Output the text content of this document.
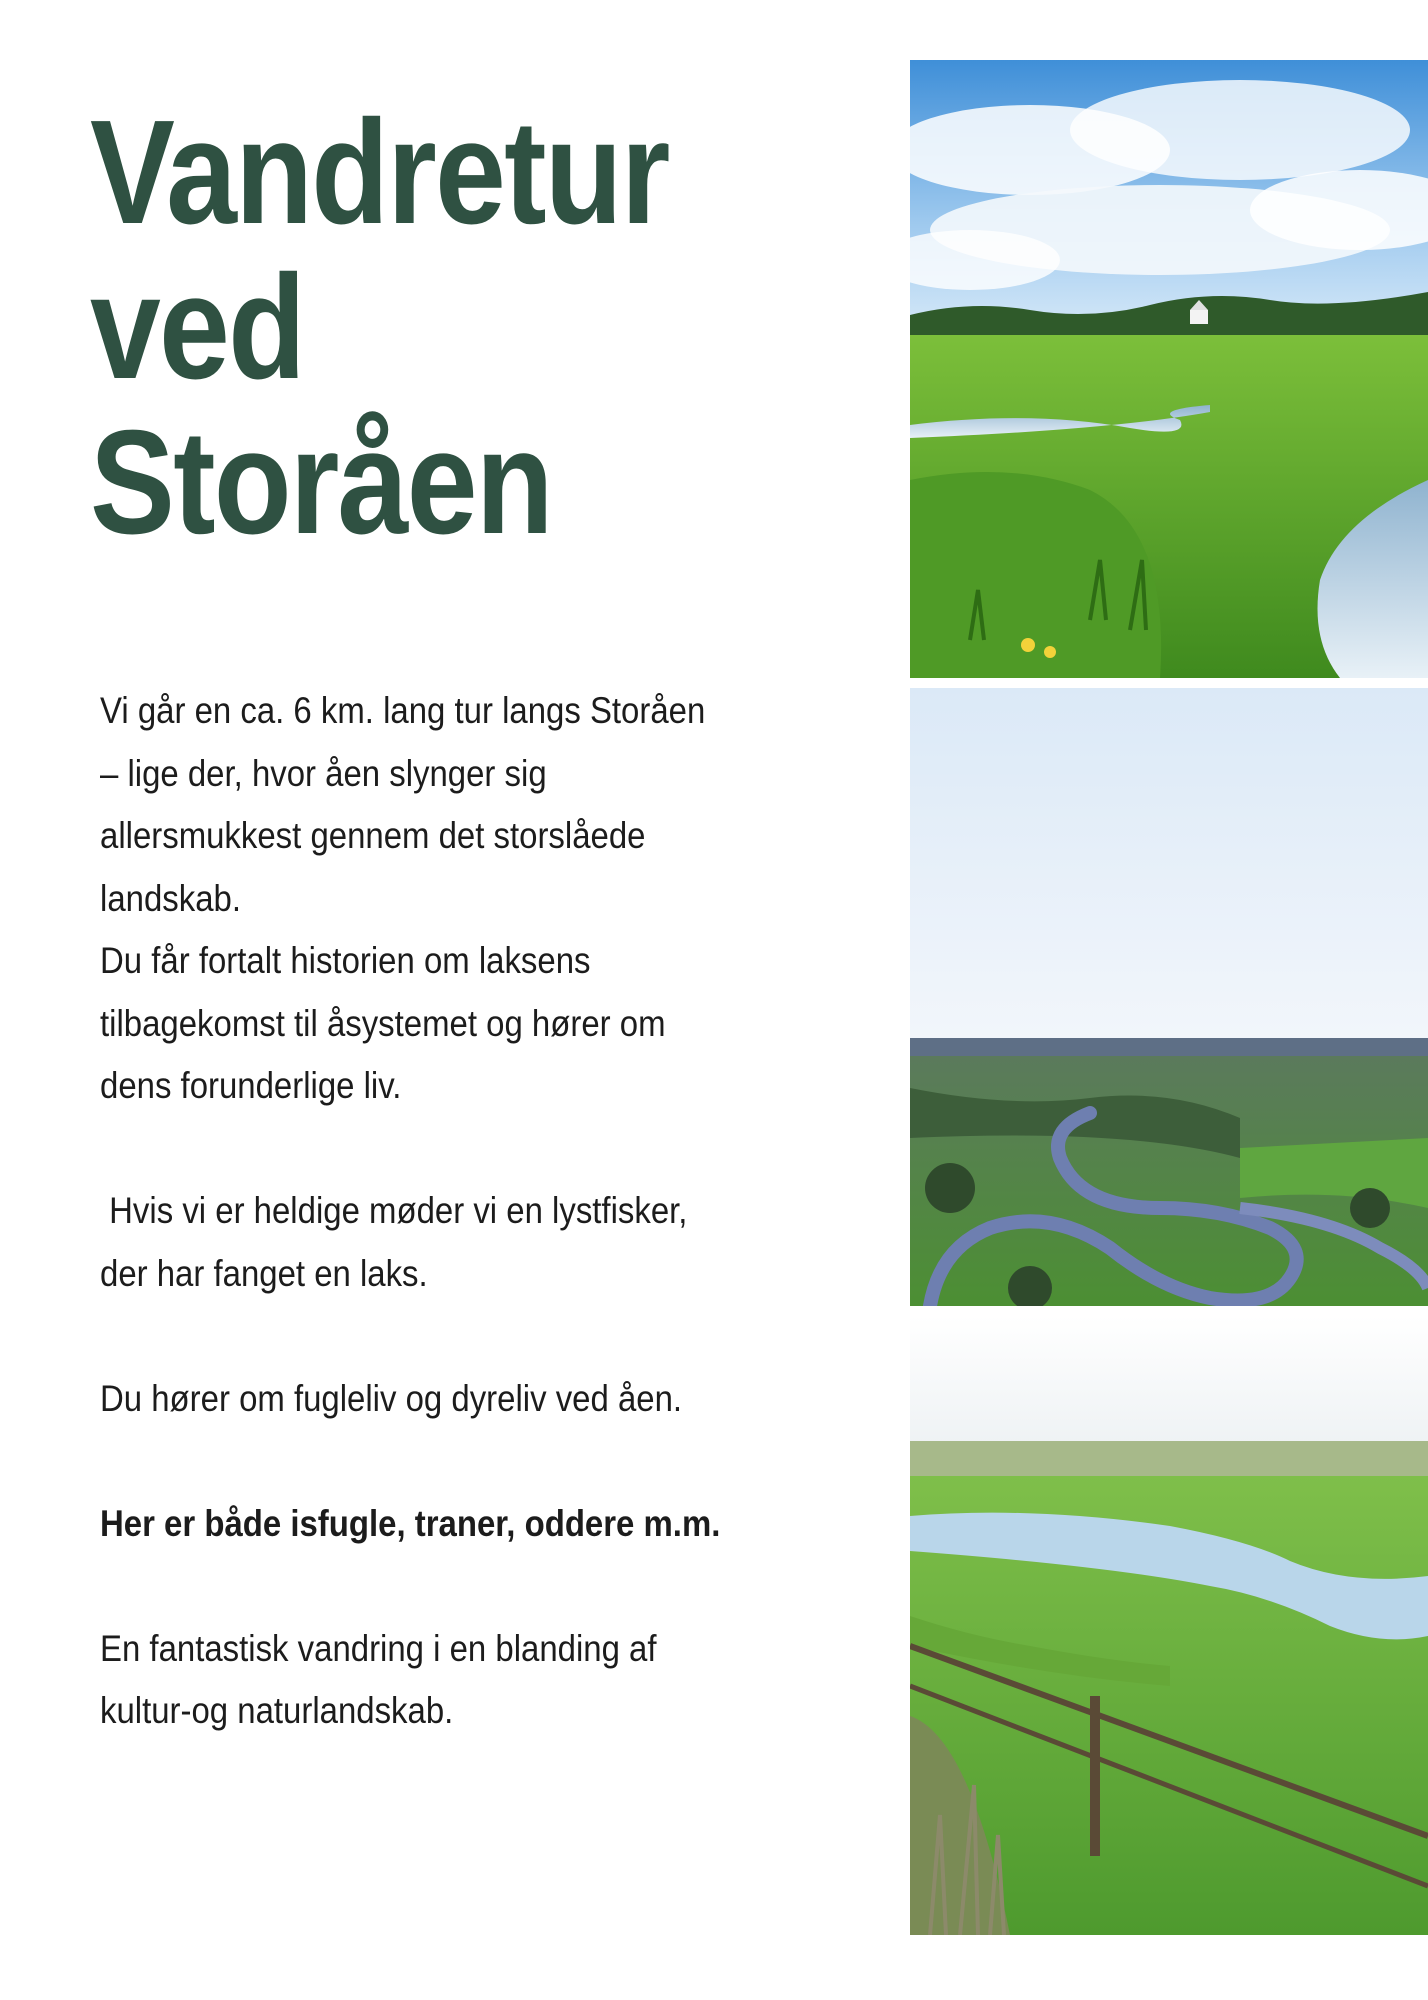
Vandretur
ved
Storåen

Vi går en ca. 6 km. lang tur langs Storåen
– lige der, hvor åen slynger sig
allersmukkest gennem det storslåede
landskab.

Du får fortalt historien om laksens
tilbagekomst til åsystemet og hører om
dens forunderlige liv.

Hvis vi er heldige møder vi en lystfisker,
der har fanget en laks.

Du hører om fugleliv og dyreliv ved åen.

Her er både isfugle, traner, oddere m.m.

En fantastisk vandring i en blanding af
kultur-og naturlandskab.
